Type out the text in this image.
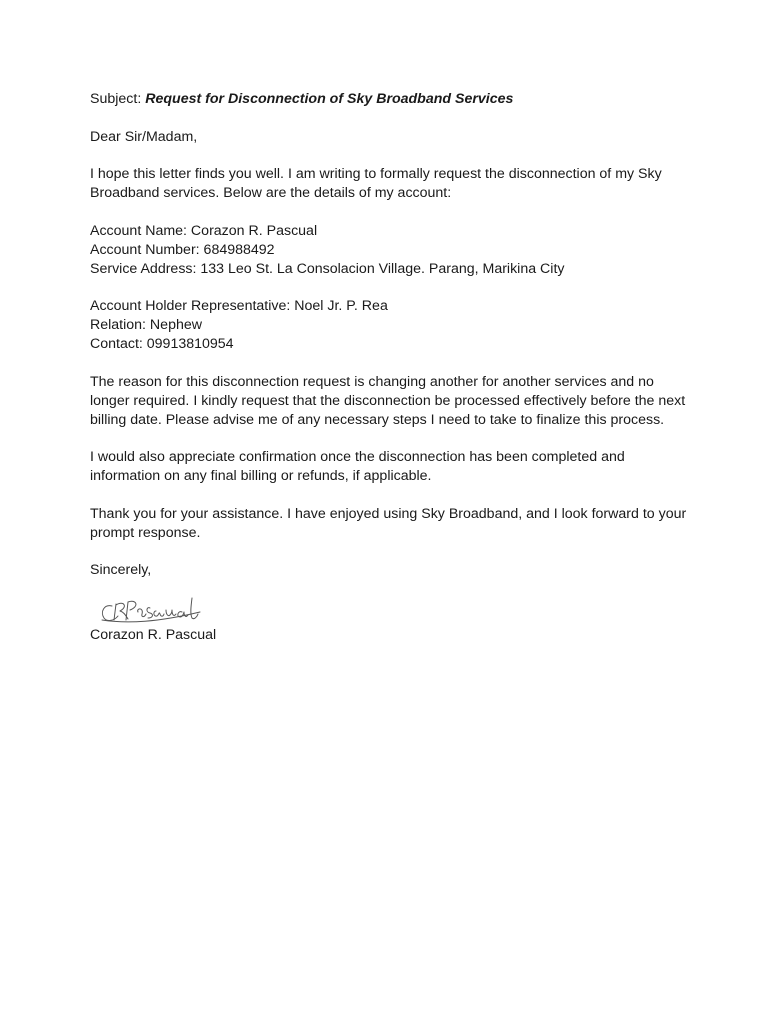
Subject: Request for Disconnection of Sky Broadband Services

Dear Sir/Madam,

I hope this letter finds you well. I am writing to formally request the disconnection of my Sky
Broadband services. Below are the details of my account:

Account Name: Corazon R. Pascual
Account Number: 684988492
Service Address: 133 Leo St. La Consolacion Village. Parang, Marikina City

Account Holder Representative: Noel Jr. P. Rea
Relation: Nephew
Contact: 09913810954

The reason for this disconnection request is changing another for another services and no
longer required. I kindly request that the disconnection be processed effectively before the next
billing date. Please advise me of any necessary steps I need to take to finalize this process.

I would also appreciate confirmation once the disconnection has been completed and
information on any final billing or refunds, if applicable.

Thank you for your assistance. I have enjoyed using Sky Broadband, and I look forward to your
prompt response.

Sincerely,

Corazon R. Pascual
